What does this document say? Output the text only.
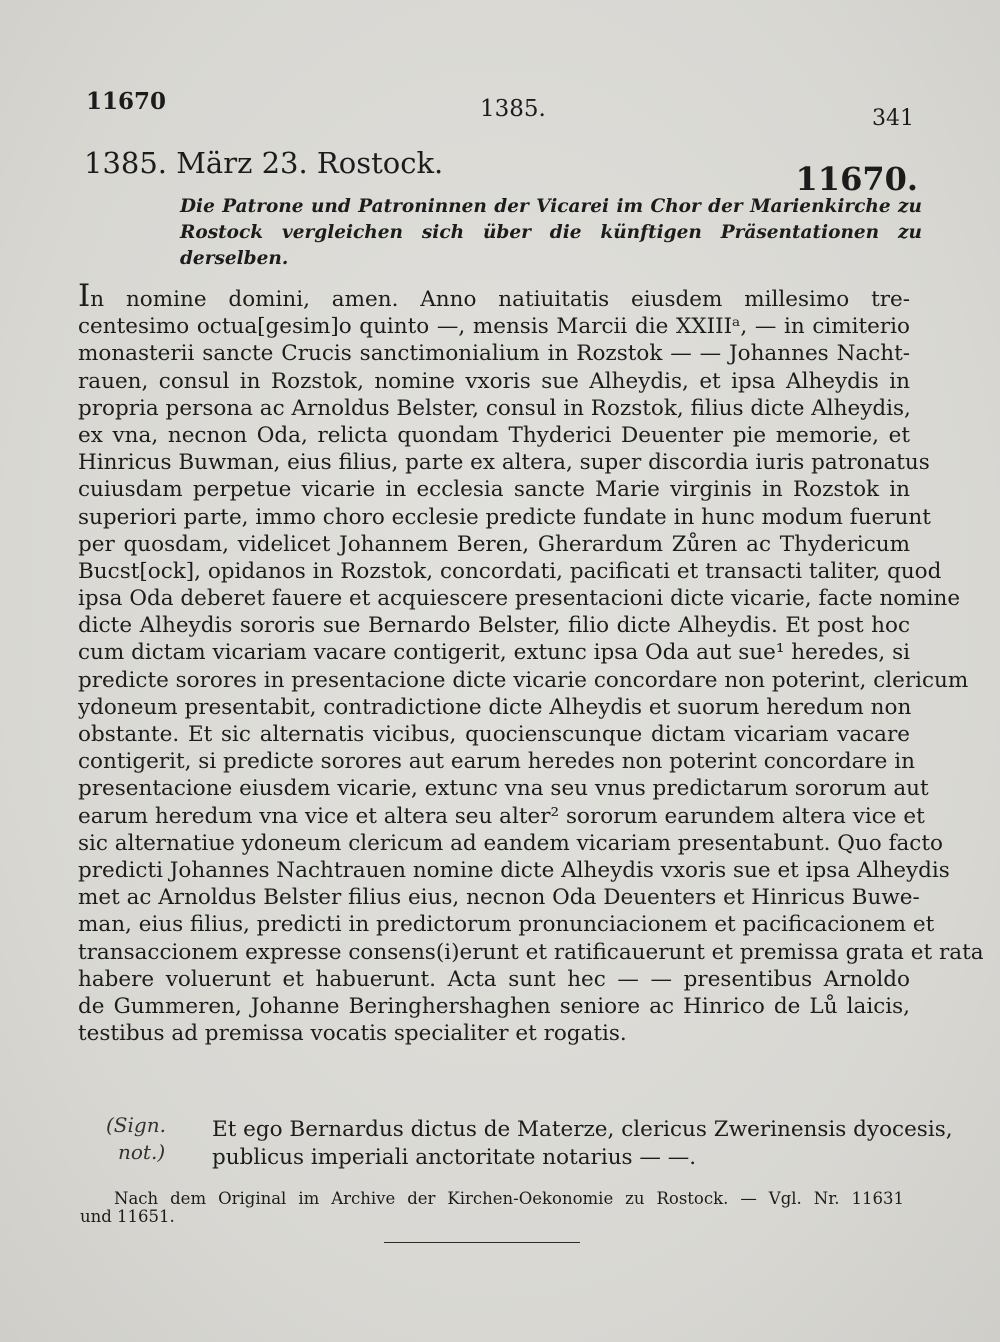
11670	1385.	341
1385. März 23. Rostock.	11670.
Die Patrone und Patroninnen der Vicarei im Chor der Marienkirche zu Rostock vergleichen sich über die künftigen Präsentationen zu derselben.
In nomine domini, amen. Anno natiuitatis eiusdem millesimo tre-
centesimo octua[gesim]o quinto —, mensis Marcii die XXIIIᵃ, — in cimiterio
monasterii sancte Crucis sanctimonialium in Rozstok — — Johannes Nacht-
rauen, consul in Rozstok, nomine vxoris sue Alheydis, et ipsa Alheydis in
propria persona ac Arnoldus Belster, consul in Rozstok, filius dicte Alheydis,
ex vna, necnon Oda, relicta quondam Thyderici Deuenter pie memorie, et
Hinricus Buwman, eius filius, parte ex altera, super discordia iuris patronatus
cuiusdam perpetue vicarie in ecclesia sancte Marie virginis in Rozstok in
superiori parte, immo choro ecclesie predicte fundate in hunc modum fuerunt
per quosdam, videlicet Johannem Beren, Gherardum Zůren ac Thydericum
Bucst[ock], opidanos in Rozstok, concordati, pacificati et transacti taliter, quod
ipsa Oda deberet fauere et acquiescere presentacioni dicte vicarie, facte nomine
dicte Alheydis sororis sue Bernardo Belster, filio dicte Alheydis. Et post hoc
cum dictam vicariam vacare contigerit, extunc ipsa Oda aut sue¹ heredes, si
predicte sorores in presentacione dicte vicarie concordare non poterint, clericum
ydoneum presentabit, contradictione dicte Alheydis et suorum heredum non
obstante. Et sic alternatis vicibus, quocienscunque dictam vicariam vacare
contigerit, si predicte sorores aut earum heredes non poterint concordare in
presentacione eiusdem vicarie, extunc vna seu vnus predictarum sororum aut
earum heredum vna vice et altera seu alter² sororum earundem altera vice et
sic alternatiue ydoneum clericum ad eandem vicariam presentabunt. Quo facto
predicti Johannes Nachtrauen nomine dicte Alheydis vxoris sue et ipsa Alheydis
met ac Arnoldus Belster filius eius, necnon Oda Deuenters et Hinricus Buwe-
man, eius filius, predicti in predictorum pronunciacionem et pacificacionem et
transaccionem expresse consens(i)erunt et ratificauerunt et premissa grata et rata
habere voluerunt et habuerunt. Acta sunt hec — — presentibus Arnoldo
de Gummeren, Johanne Beringhershaghen seniore ac Hinrico de Lů laicis,
testibus ad premissa vocatis specialiter et rogatis.
(Sign.
not.)
Et ego Bernardus dictus de Materze, clericus Zwerinensis dyocesis,
publicus imperiali anctoritate notarius — —.
Nach dem Original im Archive der Kirchen-Oekonomie zu Rostock. — Vgl. Nr. 11631
und 11651.
